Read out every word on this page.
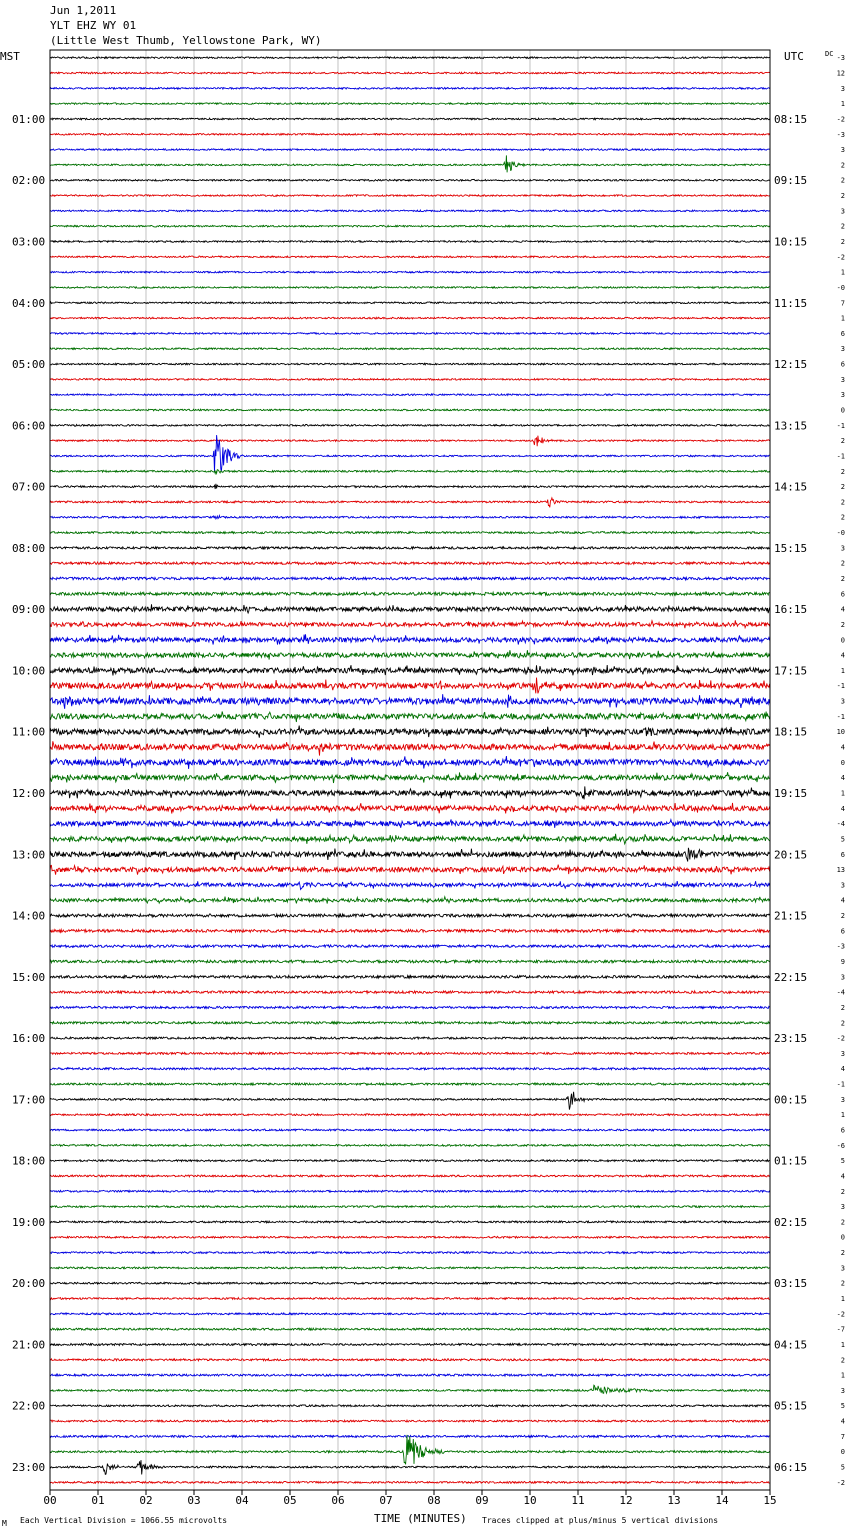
Jun 1,2011
YLT EHZ WY 01
(Little West Thumb, Yellowstone Park, WY)
MST	UTC	DC
01:00
02:00
03:00
04:00
05:00
06:00
07:00
08:00
09:00
10:00
11:00
12:00
13:00
14:00
15:00
16:00
17:00
18:00
19:00
20:00
21:00
22:00
23:00
08:15
09:15
10:15
11:15
12:15
13:15
14:15
15:15
16:15
17:15
18:15
19:15
20:15
21:15
22:15
23:15
00:15
01:15
02:15
03:15
04:15
05:15
06:15
-3
12
3
1
-2
-3
3
2
2
2
3
2
2
-2
1
-0
7
1
6
3
6
3
3
0
-1
2
-1
2
2
2
2
-0
3
2
2
6
4
2
0
4
1
-1
3
-1
10
4
0
4
1
4
-4
5
6
13
3
4
2
6
-3
9
3
-4
2
2
-2
3
4
-1
3
1
6
-6
5
4
2
3
2
0
2
3
2
1
-2
-7
1
2
1
3
5
4
7
0
5
-2
00	01	02	03	04	05	06	07	08	09	10	11	12	13	14	15
TIME (MINUTES)
M Each Vertical Division = 1066.55 microvolts	Traces clipped at plus/minus 5 vertical divisions
